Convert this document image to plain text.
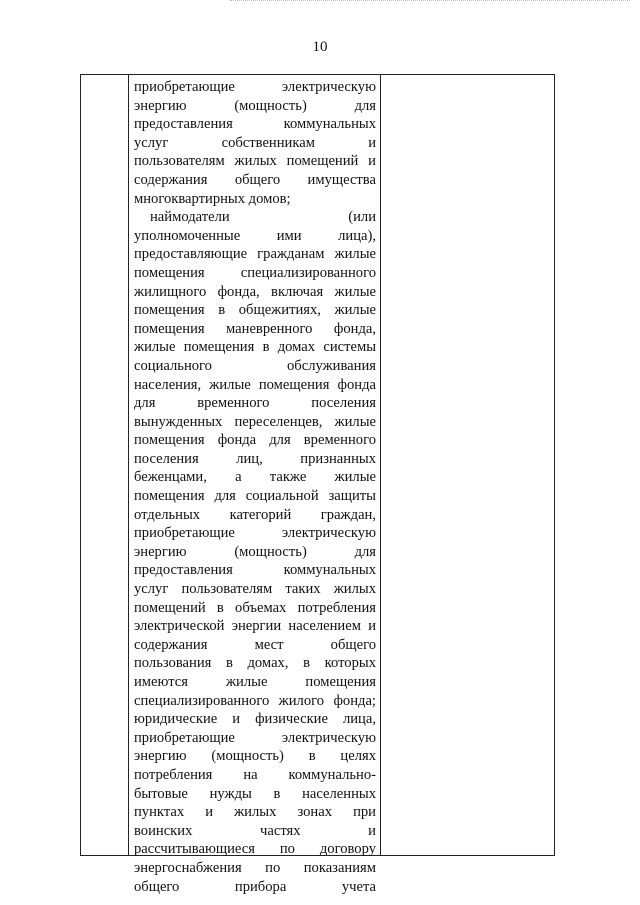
10

приобретающие электрическую
энергию (мощность) для
предоставления коммунальных
услуг собственникам и
пользователям жилых помещений и
содержания общего имущества
многоквартирных домов;

наймодатели (или
уполномоченные ими лица),
предоставляющие гражданам жилые
помещения специализированного
жилищного фонда, включая жилые
помещения в общежитиях, жилые
помещения маневренного фонда,
жилые помещения в домах системы
социального обслуживания
населения, жилые помещения фонда
для временного поселения
вынужденных переселенцев, жилые
помещения фонда для временного
поселения лиц, признанных
беженцами, а также жилые
помещения для социальной защиты
отдельных категорий граждан,
приобретающие электрическую
энергию (мощность) для
предоставления коммунальных
услуг пользователям таких жилых
помещений в объемах потребления
электрической энергии населением и
содержания мест общего
пользования в домах, в которых
имеются жилые помещения
специализированного жилого фонда;

юридические и физические лица,
приобретающие электрическую
энергию (мощность) в целях
потребления на коммунально-
бытовые нужды в населенных
пунктах и жилых зонах при
воинских частях и
рассчитывающиеся по договору
энергоснабжения по показаниям
общего прибора учета
